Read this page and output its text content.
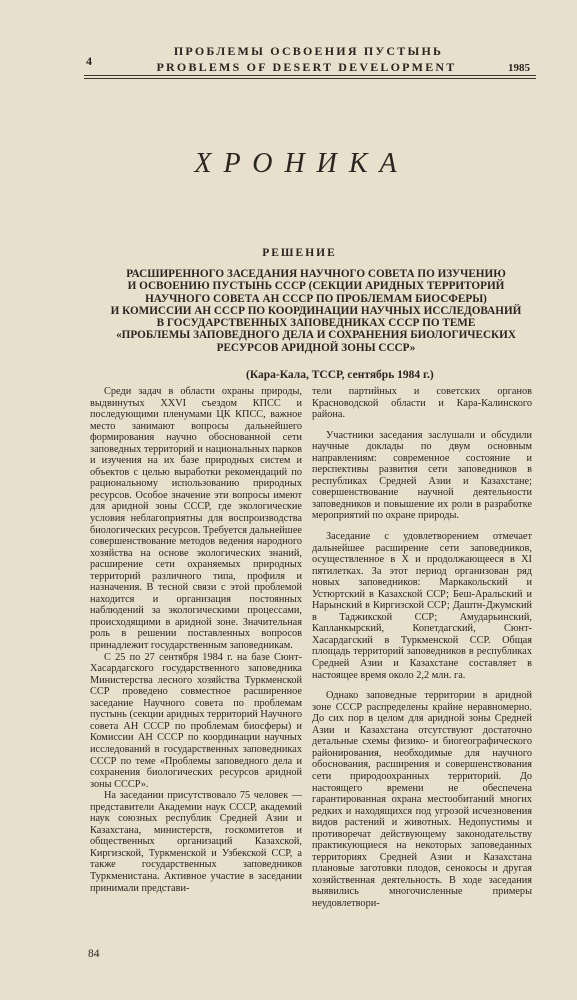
4
ПРОБЛЕМЫ ОСВОЕНИЯ ПУСТЫНЬ
PROBLEMS OF DESERT DEVELOPMENT	1985
ХРОНИКА
РЕШЕНИЕ
РАСШИРЕННОГО ЗАСЕДАНИЯ НАУЧНОГО СОВЕТА ПО ИЗУЧЕНИЮ
И ОСВОЕНИЮ ПУСТЫНЬ СССР (СЕКЦИИ АРИДНЫХ ТЕРРИТОРИЙ
НАУЧНОГО СОВЕТА АН СССР ПО ПРОБЛЕМАМ БИОСФЕРЫ)
И КОМИССИИ АН СССР ПО КООРДИНАЦИИ НАУЧНЫХ ИССЛЕДОВАНИЙ
В ГОСУДАРСТВЕННЫХ ЗАПОВЕДНИКАХ СССР ПО ТЕМЕ
«ПРОБЛЕМЫ ЗАПОВЕДНОГО ДЕЛА И СОХРАНЕНИЯ БИОЛОГИЧЕСКИХ
РЕСУРСОВ АРИДНОЙ ЗОНЫ СССР»
(Кара-Кала, ТССР, сентябрь 1984 г.)

Среди задач в области охраны природы, выдвинутых XXVI съездом КПСС и последующими пленумами ЦК КПСС, важное место занимают вопросы дальнейшего формирования научно обоснованной сети заповедных территорий и национальных парков и изучения на их базе природных систем и объектов с целью выработки рекомендаций по рациональному использованию природных ресурсов. Особое значение эти вопросы имеют для аридной зоны СССР, где экологические условия неблагоприятны для воспроизводства биологических ресурсов. Требуется дальнейшее совершенствование методов ведения народного хозяйства на основе экологических знаний, расширение сети охраняемых природных территорий различного типа, профиля и назначения. В тесной связи с этой проблемой находится и организация постоянных наблюдений за экологическими процессами, происходящими в аридной зоне. Значительная роль в решении поставленных вопросов принадлежит государственным заповедникам.

С 25 по 27 сентября 1984 г. на базе Сюнт-Хасардагского государственного заповедника Министерства лесного хозяйства Туркменской ССР проведено совместное расширенное заседание Научного совета по проблемам пустынь (секции аридных территорий Научного совета АН СССР по проблемам биосферы) и Комиссии АН СССР по координации научных исследований в государственных заповедниках СССР по теме «Проблемы заповедного дела и сохранения биологических ресурсов аридной зоны СССР».

На заседании присутствовало 75 человек — представители Академии наук СССР, академий наук союзных республик Средней Азии и Казахстана, министерств, госкомитетов и общественных организаций Казахской, Киргизской, Туркменской и Узбекской ССР, а также государственных заповедников Туркменистана. Активное участие в заседании принимали представи-

тели партийных и советских органов Красноводской области и Кара-Калинского района.

Участники заседания заслушали и обсудили научные доклады по двум основным направлениям: современное состояние и перспективы развития сети заповедников в республиках Средней Азии и Казахстане; совершенствование научной деятельности заповедников и повышение их роли в разработке мероприятий по охране природы.

Заседание с удовлетворением отмечает дальнейшее расширение сети заповедников, осуществленное в X и продолжающееся в XI пятилетках. За этот период организован ряд новых заповедников: Маркакольский и Устюртский в Казахской ССР; Беш-Аральский и Нарынский в Киргизской ССР; Даштн-Джумский в Таджикской ССР; Амударьинский, Капланкырский, Копетдагский, Сюнт-Хасардагский в Туркменской ССР. Общая площадь территорий заповедников в республиках Средней Азии и Казахстане составляет в настоящее время около 2,2 млн. га.

Однако заповедные территории в аридной зоне СССР распределены крайне неравномерно. До сих пор в целом для аридной зоны Средней Азии и Казахстана отсутствуют достаточно детальные схемы физико- и биогеографического районирования, необходимые для научного обоснования, расширения и совершенствования сети природоохранных территорий. До настоящего времени не обеспечена гарантированная охрана местообитаний многих редких и находящихся под угрозой исчезновения видов растений и животных. Недопустимы и противоречат действующему законодательству практикующиеся на некоторых заповеданных территориях Средней Азии и Казахстана плановые заготовки плодов, сенокосы и другая хозяйственная деятельность. В ходе заседания выявились многочисленные примеры неудовлетвори-

84
